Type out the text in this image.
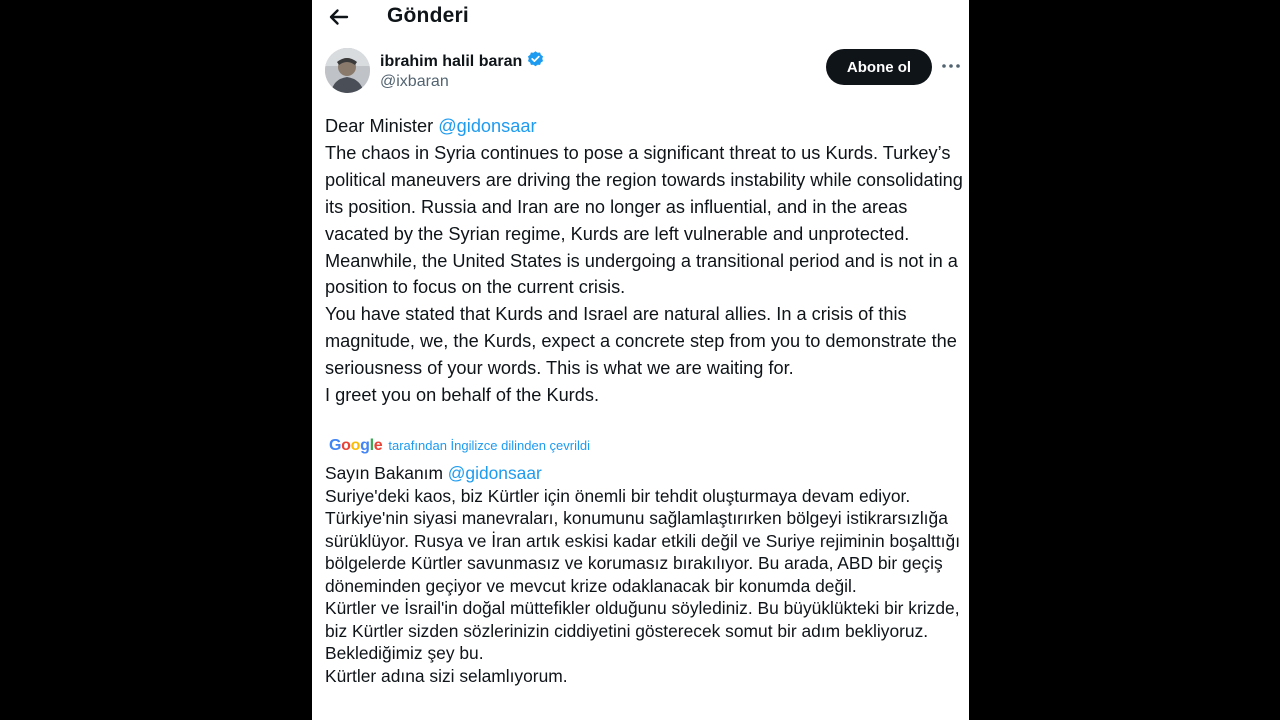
Gönderi
ibrahim halil baran
@ixbaran
Abone ol

Dear Minister @gidonsaar

The chaos in Syria continues to pose a significant threat to us Kurds. Turkey’s political maneuvers are driving the region towards instability while consolidating its position. Russia and Iran are no longer as influential, and in the areas vacated by the Syrian regime, Kurds are left vulnerable and unprotected. Meanwhile, the United States is undergoing a transitional period and is not in a position to focus on the current crisis.

You have stated that Kurds and Israel are natural allies. In a crisis of this magnitude, we, the Kurds, expect a concrete step from you to demonstrate the seriousness of your words. This is what we are waiting for.

I greet you on behalf of the Kurds.

Google tarafından İngilizce dilinden çevrildi

Sayın Bakanım @gidonsaar

Suriye'deki kaos, biz Kürtler için önemli bir tehdit oluşturmaya devam ediyor. Türkiye'nin siyasi manevraları, konumunu sağlamlaştırırken bölgeyi istikrarsızlığa sürüklüyor. Rusya ve İran artık eskisi kadar etkili değil ve Suriye rejiminin boşalttığı bölgelerde Kürtler savunmasız ve korumasız bırakılıyor. Bu arada, ABD bir geçiş döneminden geçiyor ve mevcut krize odaklanacak bir konumda değil.

Kürtler ve İsrail'in doğal müttefikler olduğunu söylediniz. Bu büyüklükteki bir krizde, biz Kürtler sizden sözlerinizin ciddiyetini gösterecek somut bir adım bekliyoruz. Beklediğimiz şey bu.

Kürtler adına sizi selamlıyorum.
